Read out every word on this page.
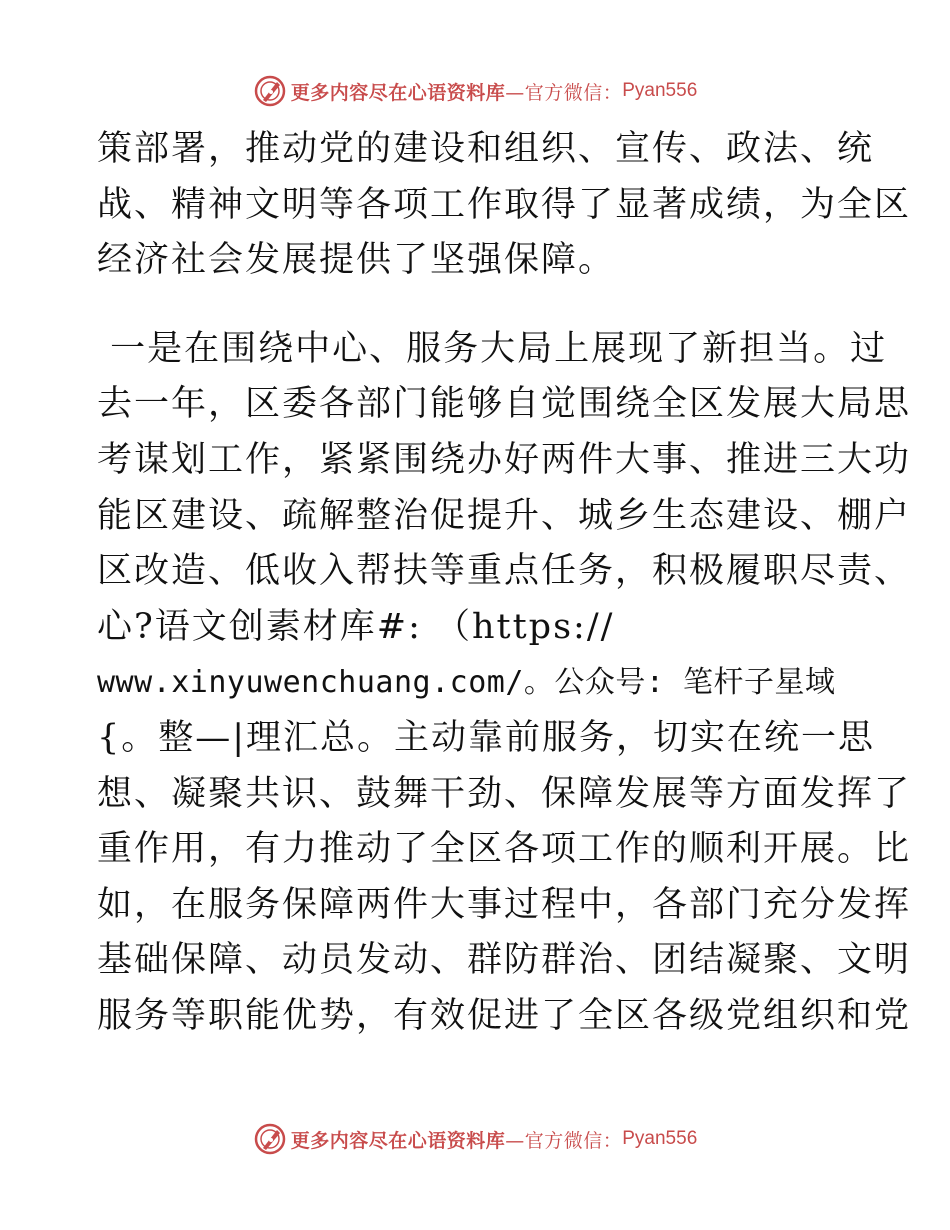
更多内容尽在心语资料库 —官方微信： Pyan556
策部署，推动党的建设和组织、宣传、政法、统
战、精神文明等各项工作取得了显著成绩，为全区
经济社会发展提供了坚强保障。
一是在围绕中心、服务大局上展现了新担当。过
去一年，区委各部门能够自觉围绕全区发展大局思
考谋划工作，紧紧围绕办好两件大事、推进三大功
能区建设、疏解整治促提升、城乡生态建设、棚户
区改造、低收入帮扶等重点任务，积极履职尽责、
心?语文创素材库#: （https://
www.xinyuwenchuang.com/。公众号: 笔杆子星域
{。整—|理汇总。主动靠前服务，切实在统一思
想、凝聚共识、鼓舞干劲、保障发展等方面发挥了
重作用，有力推动了全区各项工作的顺利开展。比
如，在服务保障两件大事过程中，各部门充分发挥
基础保障、动员发动、群防群治、团结凝聚、文明
服务等职能优势，有效促进了全区各级党组织和党
更多内容尽在心语资料库 —官方微信： Pyan556
